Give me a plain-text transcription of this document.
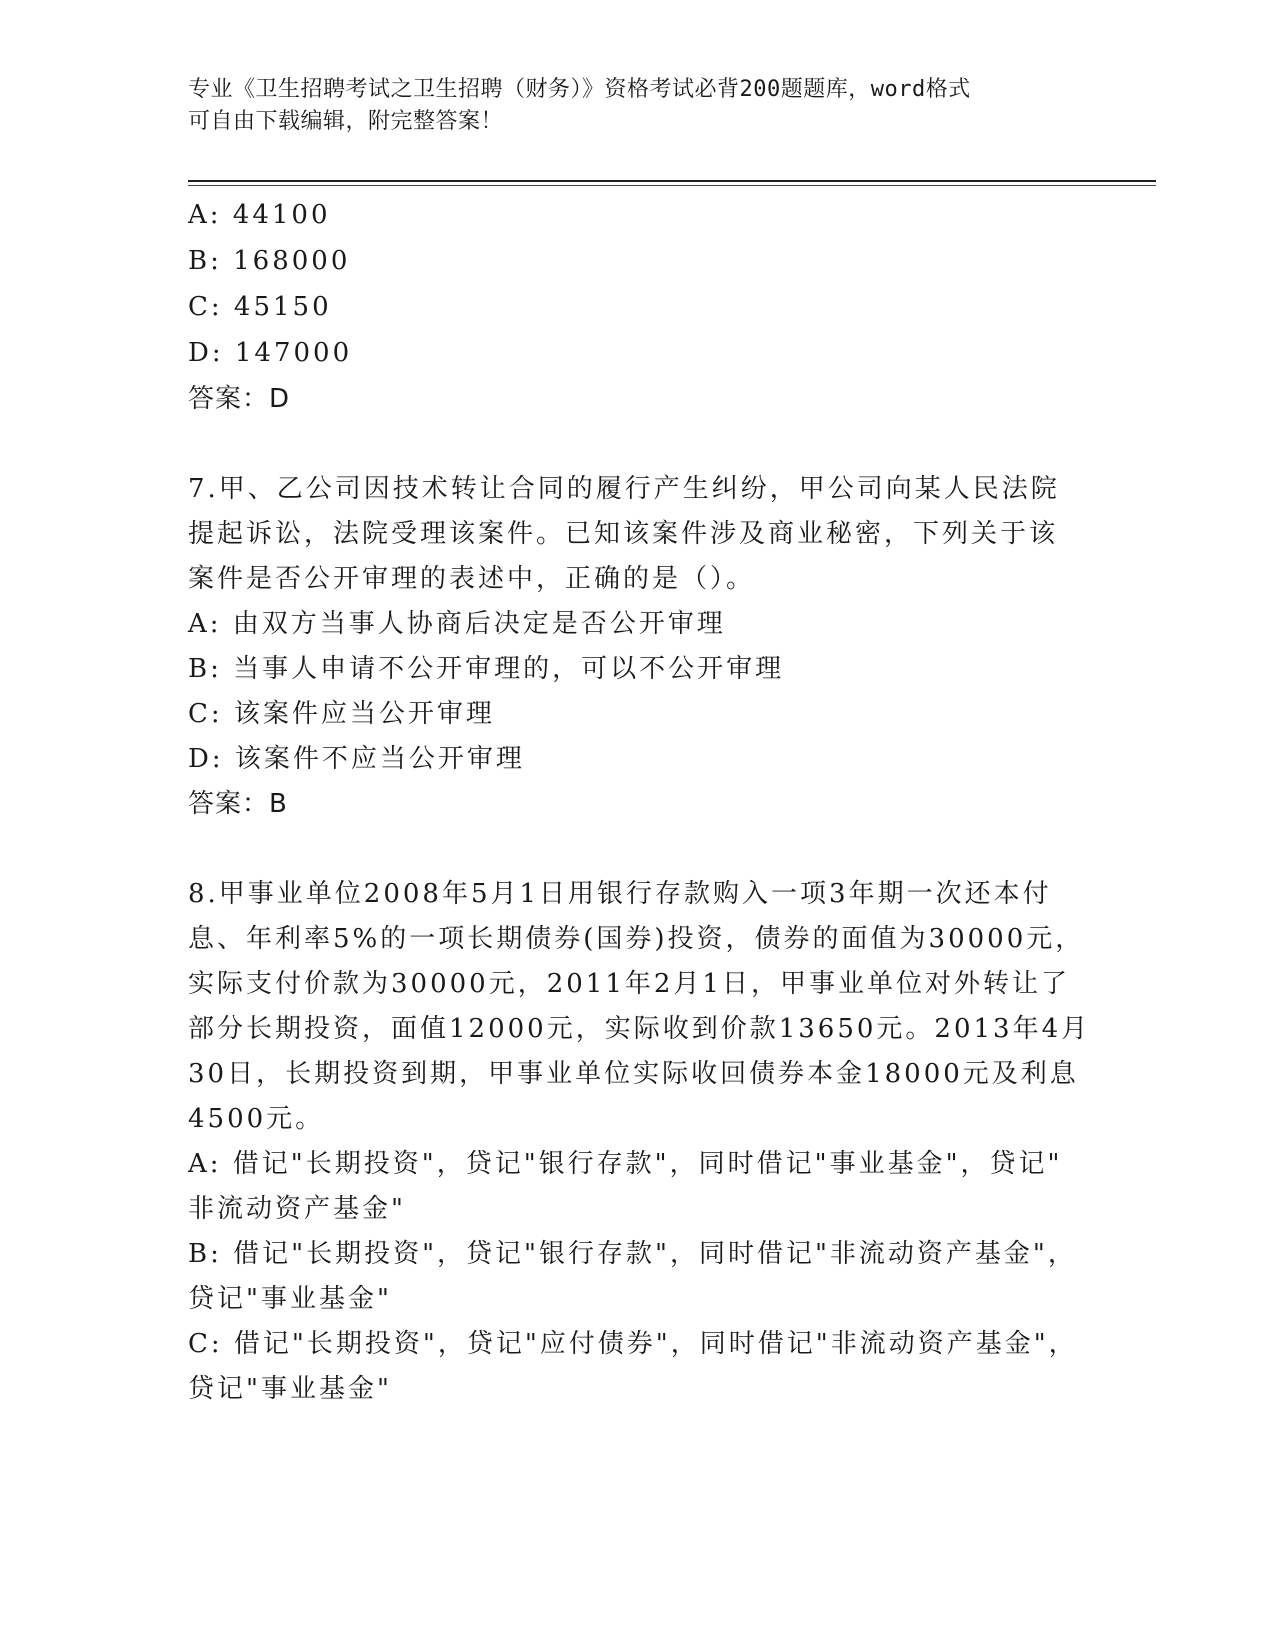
专业《卫生招聘考试之卫生招聘（财务）》资格考试必背200题题库，word格式
可自由下载编辑，附完整答案！
A: 44100
B: 168000
C: 45150
D: 147000
答案：D
7.甲、乙公司因技术转让合同的履行产生纠纷，甲公司向某人民法院
提起诉讼，法院受理该案件。已知该案件涉及商业秘密，下列关于该
案件是否公开审理的表述中，正确的是（）。
A: 由双方当事人协商后决定是否公开审理
B: 当事人申请不公开审理的，可以不公开审理
C: 该案件应当公开审理
D: 该案件不应当公开审理
答案：B
8.甲事业单位2008年5月1日用银行存款购入一项3年期一次还本付
息、年利率5%的一项长期债券(国券)投资，债券的面值为30000元，
实际支付价款为30000元，2011年2月1日，甲事业单位对外转让了
部分长期投资，面值12000元，实际收到价款13650元。2013年4月
30日，长期投资到期，甲事业单位实际收回债券本金18000元及利息
4500元。
A: 借记"长期投资"，贷记"银行存款"，同时借记"事业基金"，贷记"
非流动资产基金"
B: 借记"长期投资"，贷记"银行存款"，同时借记"非流动资产基金"，
贷记"事业基金"
C: 借记"长期投资"，贷记"应付债券"，同时借记"非流动资产基金"，
贷记"事业基金"
